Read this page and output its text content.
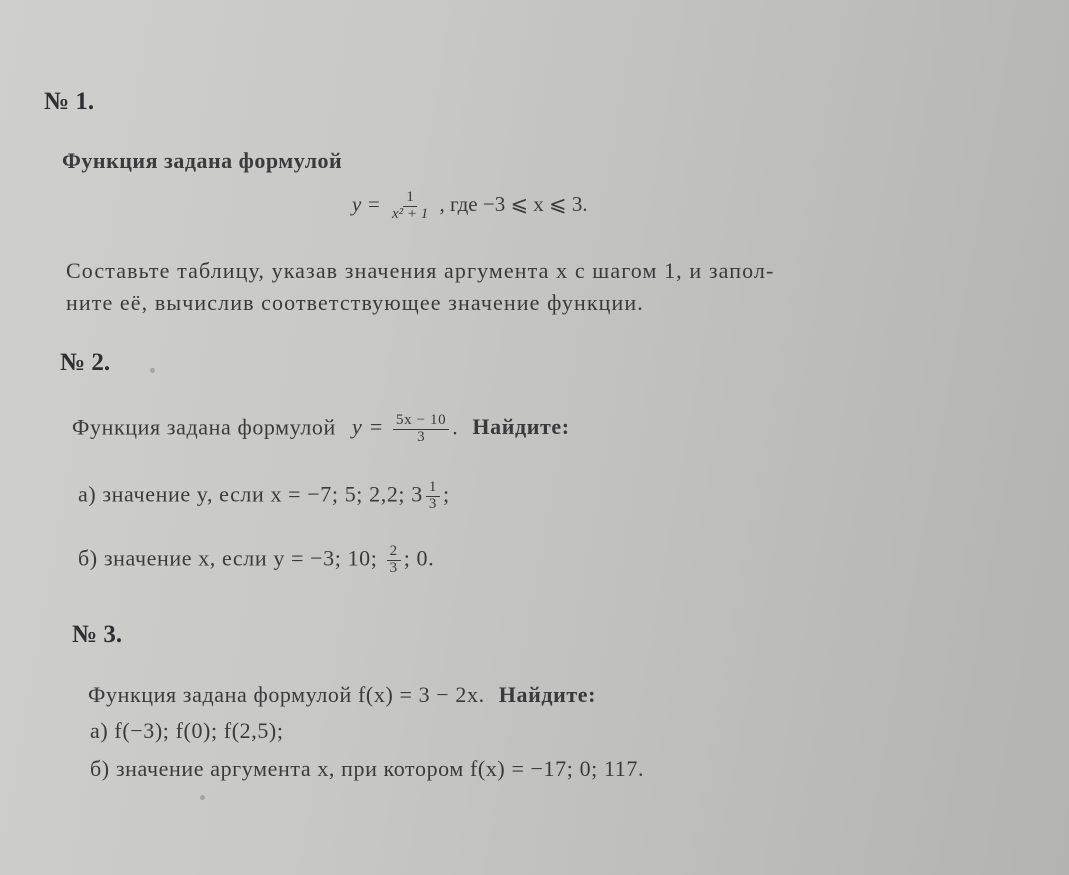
№ 1.
Функция задана формулой
$y = \frac{1}{\text{x² + 1}}$ , где −3 ⩽ x ⩽ 3.
Составьте таблицу, указав значения аргумента x с шагом 1, и запол-
ните её, вычислив соответствующее значение функции.
№ 2.
Функция задана формулой $y = \frac{5x - 10}{3}$ . Найдите:
а) значение y, если x = −7; 5; 2,2; $3 \frac{1}{3}$ ;
б) значение x, если y = −3; 10; $\frac{2}{3}$ ; 0.
№ 3.
Функция задана формулой f(x) = 3 − 2x. Найдите:
а) f(−3); f(0); f(2,5);
б) значение аргумента x, при котором f(x) = −17; 0; 117.
